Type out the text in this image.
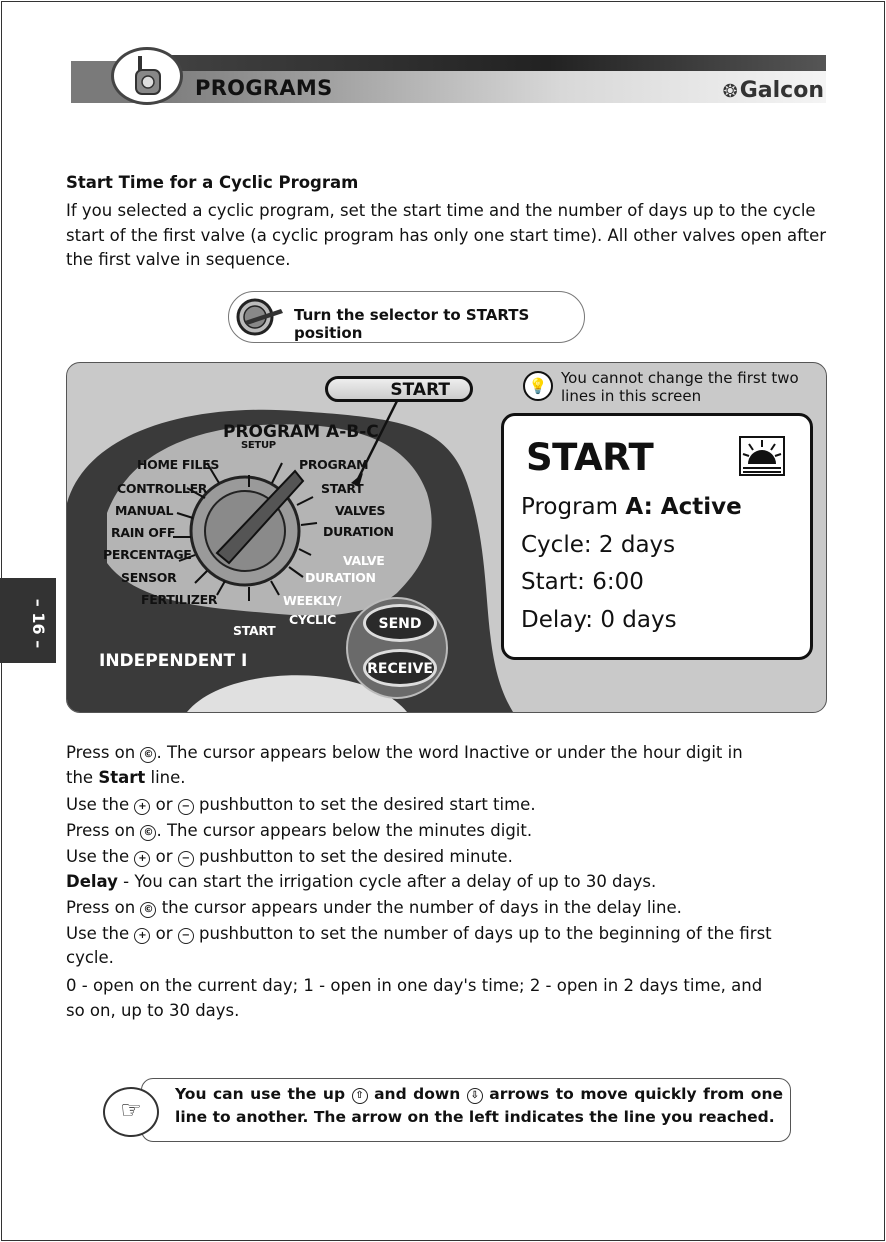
PROGRAMS	❂Galcon
Start Time for a Cyclic Program
If you selected a cyclic program, set the start time and the number of days up to the cycle start of the first valve (a cyclic program has only one start time). All other valves open after the first valve in sequence.
Turn the selector to STARTS position
START
PROGRAM A-B-C
SETUP
HOME FILES	PROGRAM
CONTROLLER	START
MANUAL	VALVES
RAIN OFF	DURATION
PERCENTAGE	VALVE
DURATION
SENSOR
WEEKLY/
CYCLIC
FERTILIZER
START
INDEPENDENT I
SEND
RECEIVE
💡 You cannot change the first two
lines in this screen
START
Program A: Active
Cycle: 2 days
Start: 6:00
Delay: 0 days
– 16 –
Press on © . The cursor appears below the word Inactive or under the hour digit in
the Start line.
Use the + or − pushbutton to set the desired start time.
Press on © . The cursor appears below the minutes digit.
Use the + or − pushbutton to set the desired minute.
Delay - You can start the irrigation cycle after a delay of up to 30 days.
Press on © the cursor appears under the number of days in the delay line.
Use the + or − pushbutton to set the number of days up to the beginning of the first
cycle.
0 - open on the current day; 1 - open in one day's time; 2 - open in 2 days time, and
so on, up to 30 days.
☞
You can use the up ⇧ and down ⇩ arrows to move quickly from one line to another. The arrow on the left indicates the line you reached.
